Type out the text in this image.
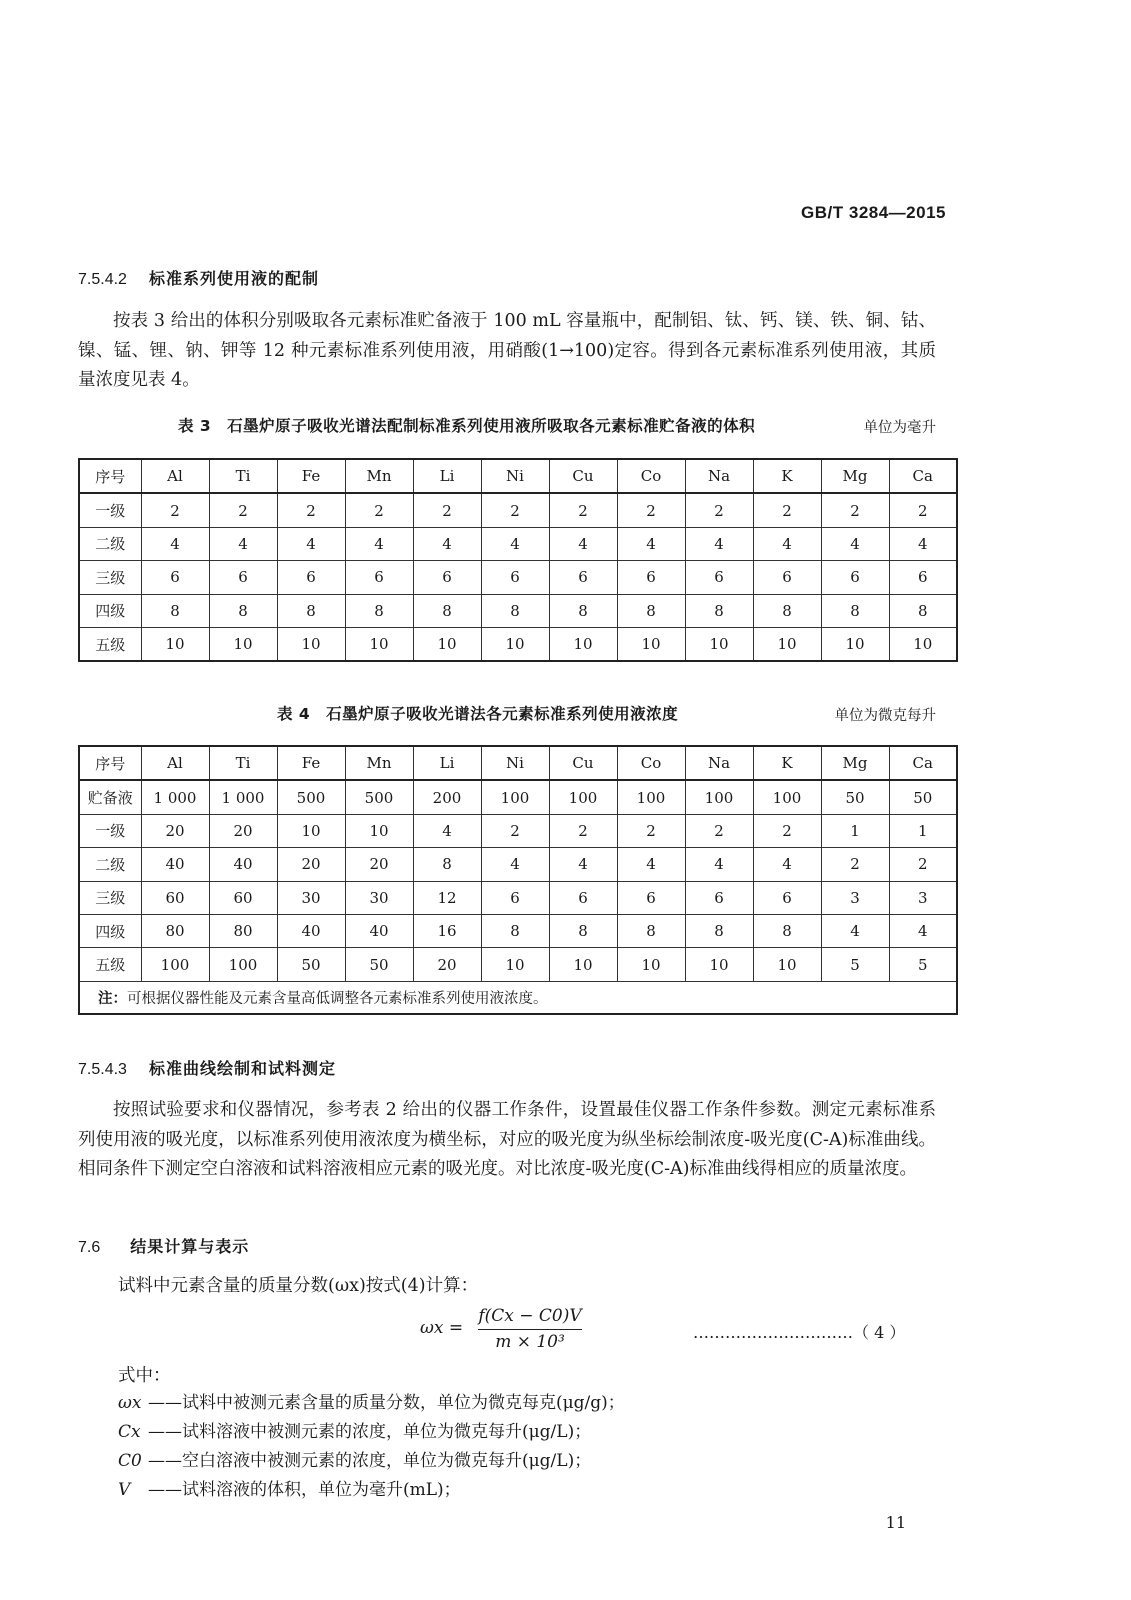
GB/T 3284—2015
7.5.4.2 标准系列使用液的配制

按表 3 给出的体积分别吸取各元素标准贮备液于 100 mL 容量瓶中，配制铝、钛、钙、镁、铁、铜、钴、镍、锰、锂、钠、钾等 12 种元素标准系列使用液，用硝酸(1→100)定容。得到各元素标准系列使用液，其质量浓度见表 4。

表 3　石墨炉原子吸收光谱法配制标准系列使用液所吸取各元素标准贮备液的体积	单位为毫升
序号	Al	Ti	Fe	Mn	Li	Ni	Cu	Co	Na	K	Mg	Ca
一级	2	2	2	2	2	2	2	2	2	2	2	2
二级	4	4	4	4	4	4	4	4	4	4	4	4
三级	6	6	6	6	6	6	6	6	6	6	6	6
四级	8	8	8	8	8	8	8	8	8	8	8	8
五级	10	10	10	10	10	10	10	10	10	10	10	10
表 4　石墨炉原子吸收光谱法各元素标准系列使用液浓度	单位为微克每升
序号	Al	Ti	Fe	Mn	Li	Ni	Cu	Co	Na	K	Mg	Ca
贮备液	1 000	1 000	500	500	200	100	100	100	100	100	50	50
一级	20	20	10	10	4	2	2	2	2	2	1	1
二级	40	40	20	20	8	4	4	4	4	4	2	2
三级	60	60	30	30	12	6	6	6	6	6	3	3
四级	80	80	40	40	16	8	8	8	8	8	4	4
五级	100	100	50	50	20	10	10	10	10	10	5	5
注：可根据仪器性能及元素含量高低调整各元素标准系列使用液浓度。												
7.5.4.3 标准曲线绘制和试料测定

按照试验要求和仪器情况，参考表 2 给出的仪器工作条件，设置最佳仪器工作条件参数。测定元素标准系列使用液的吸光度，以标准系列使用液浓度为横坐标，对应的吸光度为纵坐标绘制浓度-吸光度(C-A)标准曲线。相同条件下测定空白溶液和试料溶液相应元素的吸光度。对比浓度-吸光度(C-A)标准曲线得相应的质量浓度。

7.6 结果计算与表示
试料中元素含量的质量分数(ωx)按式(4)计算：
ωx =
f(Cx − C0)V
m × 10³	…………………………（ 4 ）
式中：
ωx ——试料中被测元素含量的质量分数，单位为微克每克(μg/g)；
Cx ——试料溶液中被测元素的浓度，单位为微克每升(μg/L)；
C0 ——空白溶液中被测元素的浓度，单位为微克每升(μg/L)；
V ——试料溶液的体积，单位为毫升(mL)；
11
